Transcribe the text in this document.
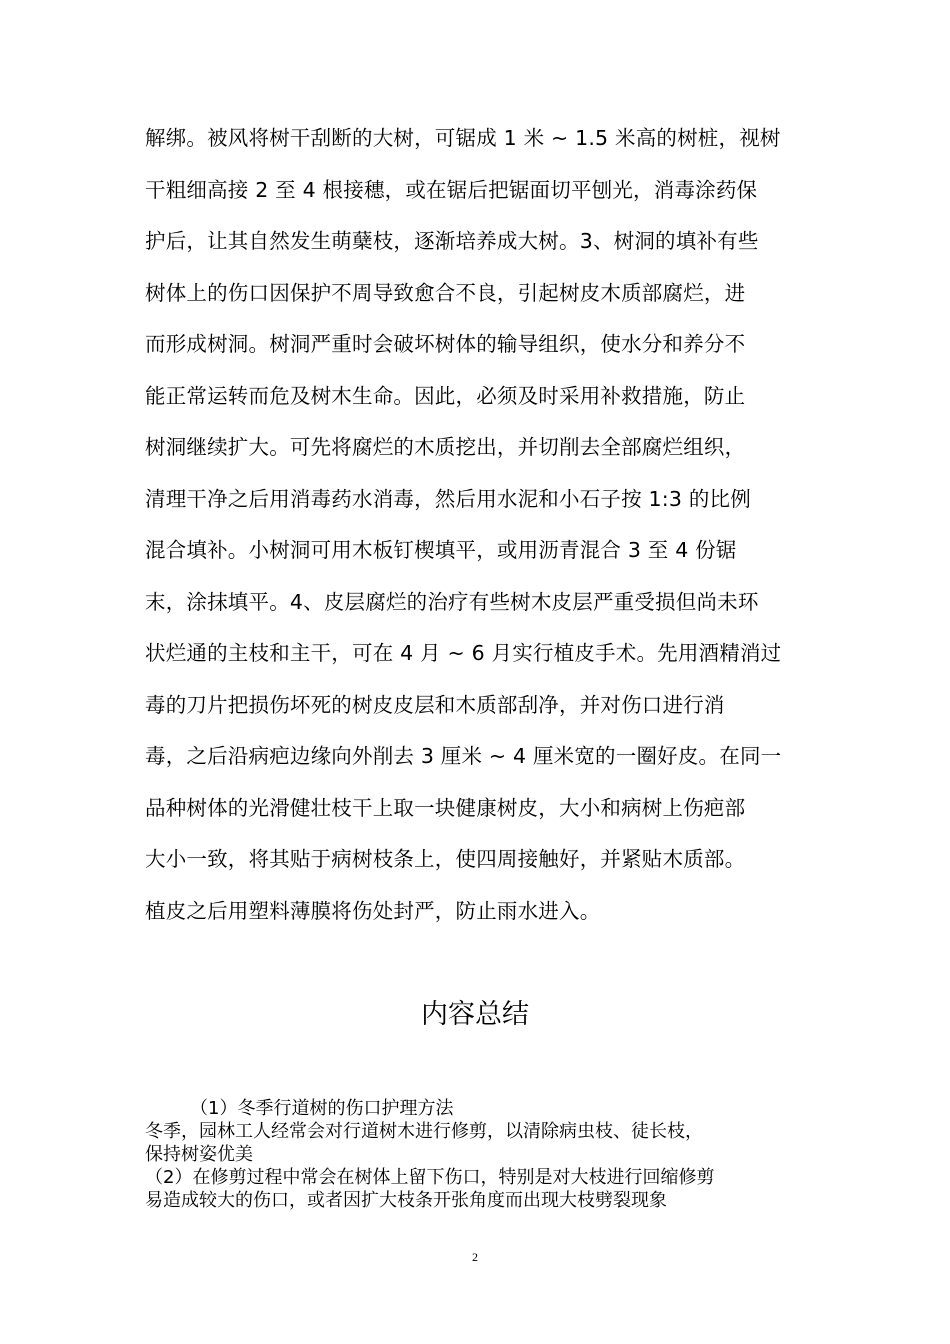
解绑。被风将树干刮断的大树，可锯成 1 米 ~ 1.5 米高的树桩，视树
干粗细高接 2 至 4 根接穗，或在锯后把锯面切平刨光，消毒涂药保
护后，让其自然发生萌蘖枝，逐渐培养成大树。3、树洞的填补有些
树体上的伤口因保护不周导致愈合不良，引起树皮木质部腐烂，进
而形成树洞。树洞严重时会破坏树体的输导组织，使水分和养分不
能正常运转而危及树木生命。因此，必须及时采用补救措施，防止
树洞继续扩大。可先将腐烂的木质挖出，并切削去全部腐烂组织，
清理干净之后用消毒药水消毒，然后用水泥和小石子按 1:3 的比例
混合填补。小树洞可用木板钉楔填平，或用沥青混合 3 至 4 份锯
末，涂抹填平。4、皮层腐烂的治疗有些树木皮层严重受损但尚未环
状烂通的主枝和主干，可在 4 月 ~ 6 月实行植皮手术。先用酒精消过
毒的刀片把损伤坏死的树皮皮层和木质部刮净，并对伤口进行消
毒，之后沿病疤边缘向外削去 3 厘米 ~ 4 厘米宽的一圈好皮。在同一
品种树体的光滑健壮枝干上取一块健康树皮，大小和病树上伤疤部
大小一致，将其贴于病树枝条上，使四周接触好，并紧贴木质部。
植皮之后用塑料薄膜将伤处封严，防止雨水进入。
内容总结
（1）冬季行道树的伤口护理方法
冬季，园林工人经常会对行道树木进行修剪，以清除病虫枝、徒长枝，
保持树姿优美
（2）在修剪过程中常会在树体上留下伤口，特别是对大枝进行回缩修剪
易造成较大的伤口，或者因扩大枝条开张角度而出现大枝劈裂现象
2
